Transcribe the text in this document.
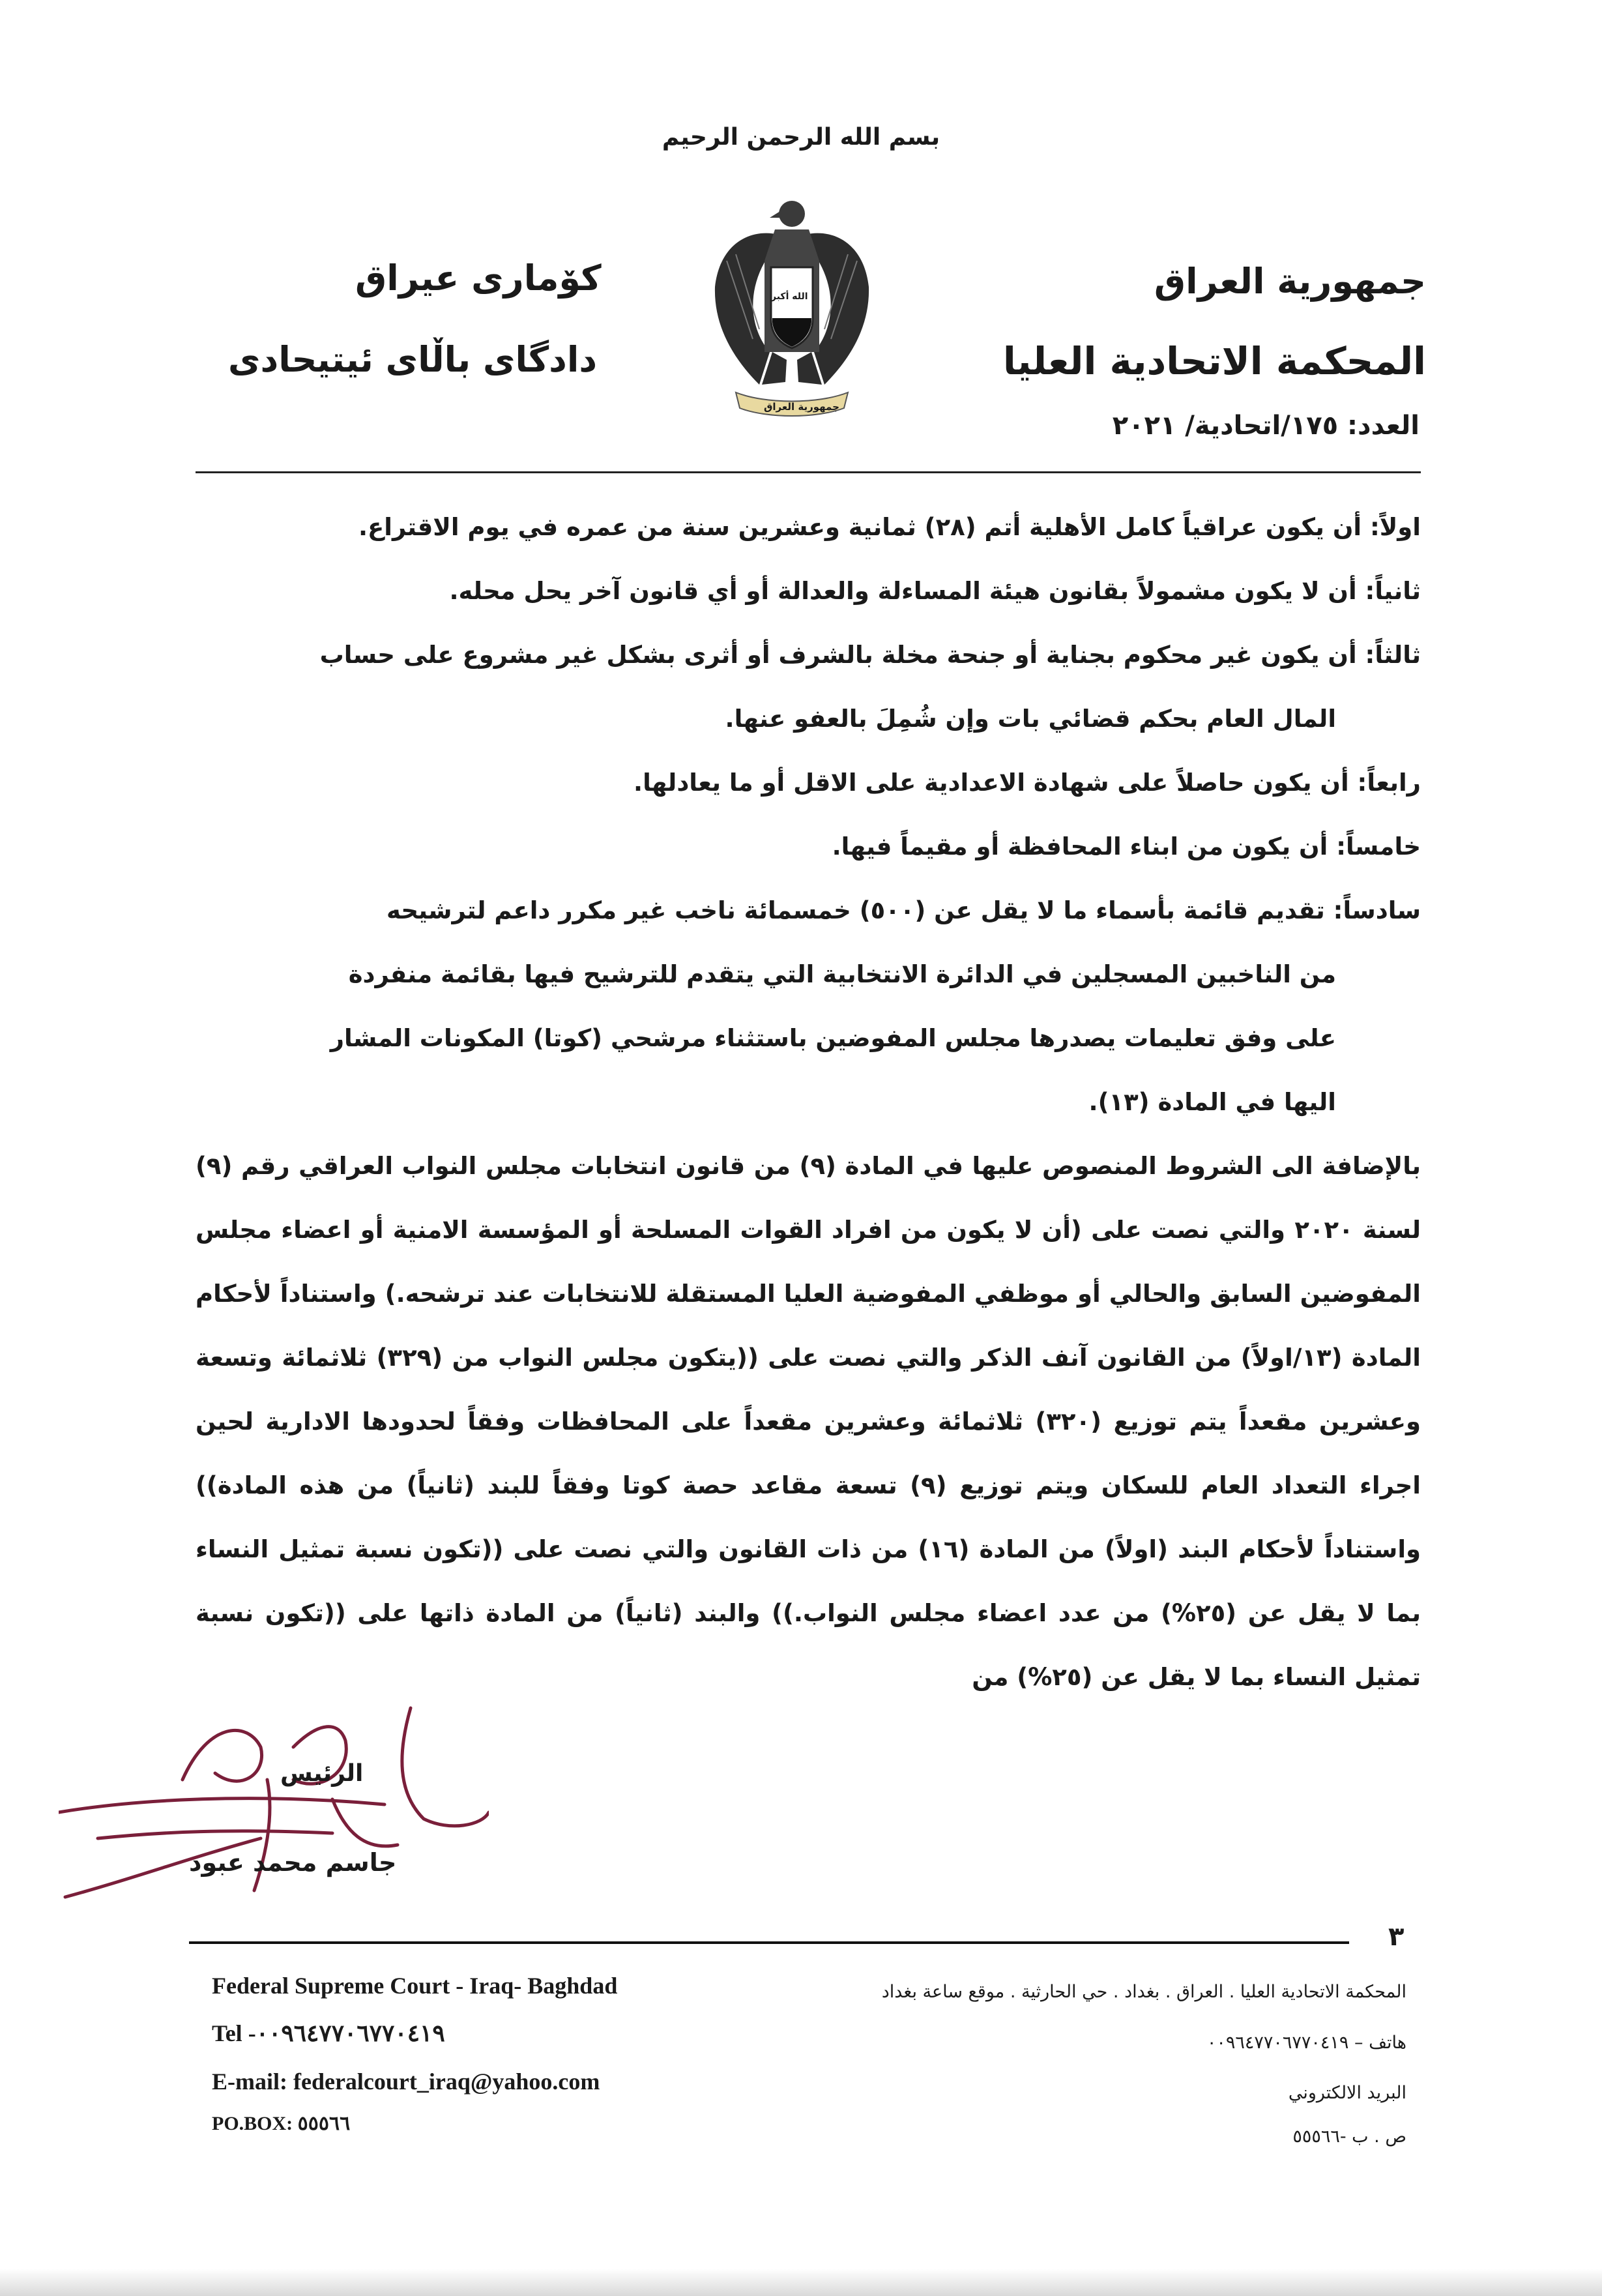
بسم الله الرحمن الرحيم
جمهورية العراق
المحكمة الاتحادية العليا
العدد: ١٧٥/اتحادية/ ٢٠٢١
کۆماری عیراق
دادگای باڵای ئیتیحادی
الله أكبر
جمهورية العراق

اولاً: أن يكون عراقياً كامل الأهلية أتم (٢٨) ثمانية وعشرين سنة من عمره في يوم الاقتراع.

ثانياً: أن لا يكون مشمولاً بقانون هيئة المساءلة والعدالة أو أي قانون آخر يحل محله.

ثالثاً: أن يكون غير محكوم بجناية أو جنحة مخلة بالشرف أو أثرى بشكل غير مشروع على حساب

المال العام بحكم قضائي بات وإن شُمِلَ بالعفو عنها.

رابعاً: أن يكون حاصلاً على شهادة الاعدادية على الاقل أو ما يعادلها.

خامساً: أن يكون من ابناء المحافظة أو مقيماً فيها.

سادساً: تقديم قائمة بأسماء ما لا يقل عن (٥٠٠) خمسمائة ناخب غير مكرر داعم لترشيحه

من الناخبين المسجلين في الدائرة الانتخابية التي يتقدم للترشيح فيها بقائمة منفردة

على وفق تعليمات يصدرها مجلس المفوضين باستثناء مرشحي (كوتا) المكونات المشار

اليها في المادة (١٣).

بالإضافة الى الشروط المنصوص عليها في المادة (٩) من قانون انتخابات مجلس النواب العراقي رقم (٩) لسنة ٢٠٢٠ والتي نصت على (أن لا يكون من افراد القوات المسلحة أو المؤسسة الامنية أو اعضاء مجلس المفوضين السابق والحالي أو موظفي المفوضية العليا المستقلة للانتخابات عند ترشحه.) واستناداً لأحكام المادة (١٣/اولاً) من القانون آنف الذكر والتي نصت على ((يتكون مجلس النواب من (٣٢٩) ثلاثمائة وتسعة وعشرين مقعداً يتم توزيع (٣٢٠) ثلاثمائة وعشرين مقعداً على المحافظات وفقاً لحدودها الادارية لحين اجراء التعداد العام للسكان ويتم توزيع (٩) تسعة مقاعد حصة كوتا وفقاً للبند (ثانياً) من هذه المادة)) واستناداً لأحكام البند (اولاً) من المادة (١٦) من ذات القانون والتي نصت على ((تكون نسبة تمثيل النساء بما لا يقل عن (٢٥%) من عدد اعضاء مجلس النواب.)) والبند (ثانياً) من المادة ذاتها على ((تكون نسبة تمثيل النساء بما لا يقل عن (٢٥%) من

الرئيس
جاسم محمد عبود
٣
Federal Supreme Court - Iraq- Baghdad
Tel -٠٠٩٦٤٧٧٠٦٧٧٠٤١٩
E-mail: federalcourt_iraq@yahoo.com
PO.BOX: ٥٥٥٦٦
المحكمة الاتحادية العليا . العراق . بغداد . حي الحارثية . موقع ساعة بغداد
هاتف – ٠٠٩٦٤٧٧٠٦٧٧٠٤١٩
البريد الالكتروني
ص . ب -٥٥٥٦٦
